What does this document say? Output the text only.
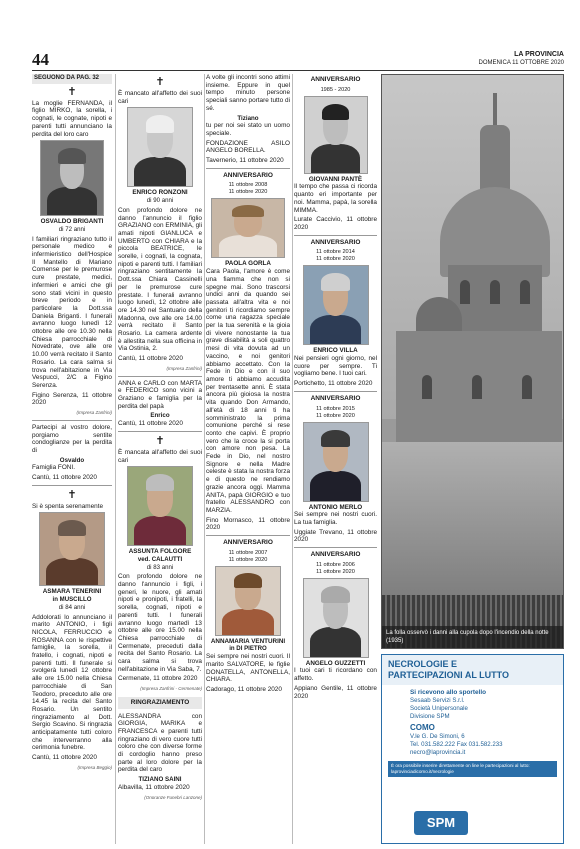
44	LA PROVINCIA
DOMENICA 11 OTTOBRE 2020
SEGUONO DA PAG. 32
✝
La moglie FERNANDA, il figlio MIRKO, la sorella, i cognati, le cognate, nipoti e parenti tutti annunciano la perdita del loro caro
OSVALDO BRIGANTI
di 72 anni
I familiari ringraziano tutto il personale medico e infermieristico dell'Hospice Il Mantello di Mariano Comense per le premurose cure prestate, medici, infermieri e amici che gli sono stati vicini in questo breve periodo e in particolare la Dott.ssa Daniela Briganti. I funerali avranno luogo lunedì 12 ottobre alle ore 10.30 nella Chiesa parrocchiale di Novedrate, ove alle ore 10.00 verrà recitato il Santo Rosario. La cara salma si trova nell'abitazione in Via Vespucci, 2/C a Figino Serenza.
Figino Serenza, 11 ottobre 2020
(Impresa Zanfrini)
Partecipi al vostro dolore, porgiamo sentite condoglianze per la perdita di
Osvaldo
Famiglia FONI.
Cantù, 11 ottobre 2020
✝
Si è spenta serenamente
ASMARA TENERINI
in MUSCILLO
di 84 anni
Addolorati lo annunciano il marito ANTONIO, i figli NICOLA, FERRUCCIO e ROSANNA con le rispettive famiglie, la sorella, il fratello, i cognati, nipoti e parenti tutti. Il funerale si svolgerà lunedì 12 ottobre alle ore 15.00 nella Chiesa parrocchiale di San Teodoro, preceduto alle ore 14.45 la recita del Santo Rosario. Un sentito ringraziamento al Dott. Sergio Scavino. Si ringrazia anticipatamente tutti coloro che interverranno alla cerimonia funebre.
Cantù, 11 ottobre 2020
(Impresa Beggio)
✝
È mancato all'affetto dei suoi cari
ENRICO RONZONI
di 90 anni
Con profondo dolore ne danno l'annuncio il figlio GRAZIANO con ERMINIA, gli amati nipoti GIANLUCA e UMBERTO con CHIARA e la piccola BEATRICE, le sorelle, i cognati, la cognata, nipoti e parenti tutti. I familiari ringraziano sentitamente la Dott.ssa Chiara Cassinelli per le premurose cure prestate. I funerali avranno luogo lunedì, 12 ottobre alle ore 14.30 nel Santuario della Madonna, ove alle ore 14.00 verrà recitato il Santo Rosario. La camera ardente è allestita nella sua officina in Via Ostinia, 2.
Cantù, 11 ottobre 2020
(Impresa Zanfrini)
ANNA e CARLO con MARTA e FEDERICO sono vicini a Graziano e famiglia per la perdita del papà
Enrico
Cantù, 11 ottobre 2020
✝
È mancata all'affetto dei suoi cari
ASSUNTA FOLGORE
ved. CALAUTTI
di 83 anni
Con profondo dolore ne danno l'annuncio i figli, i generi, le nuore, gli amati nipoti e pronipoti, i fratelli, la sorella, cognati, nipoti e parenti tutti. I funerali avranno luogo martedì 13 ottobre alle ore 15.00 nella Chiesa parrocchiale di Cermenate, preceduti dalla recita del Santo Rosario. La cara salma si trova nell'abitazione in Via Saba, 7.
Cermenate, 11 ottobre 2020
(Impresa Zanfrini - Cermenate)
RINGRAZIAMENTO
ALESSANDRA con GIORGIA, MARIKA e FRANCESCA e parenti tutti ringraziano di vero cuore tutti coloro che con diverse forme di cordoglio hanno preso parte al loro dolore per la perdita del caro
TIZIANO SAINI
Albavilla, 11 ottobre 2020
(Onoranze Funebri Lanzone)
A volte gli incontri sono attimi insieme. Eppure in quel tempo minuto persone speciali sanno portare tutto di sé.
Tiziano
tu per noi sei stato un uomo speciale.
FONDAZIONE ASILO ANGELO BORELLA.
Tavernerio, 11 ottobre 2020
ANNIVERSARIO
11 ottobre 2008
11 ottobre 2020
PAOLA GORLA
Cara Paola, l'amore è come una fiamma che non si spegne mai. Sono trascorsi undici anni da quando sei passata all'altra vita e noi genitori ti ricordiamo sempre come una ragazza speciale per la tua serenità e la gioia di vivere nonostante la tua grave disabilità a soli quattro mesi di vita dovuta ad un vaccino, e noi genitori abbiamo accettato. Con la Fede in Dio e con il suo amore ti abbiamo accudita per trentasette anni. È stata ancora più gioiosa la nostra vita quando Don Armando, all'età di 18 anni ti ha somministrato la prima comunione perché si rese conto che capivi. È proprio vero che la croce la si porta con amore non pesa. La Fede in Dio, nel nostro Signore e nella Madre celeste è stata la nostra forza e di questo ne rendiamo grazie ancora oggi. Mamma ANITA, papà GIORGIO e tuo fratello ALESSANDRO con MARZIA.
Fino Mornasco, 11 ottobre 2020
ANNIVERSARIO
11 ottobre 2007
11 ottobre 2020
ANNAMARIA VENTURINI
in DI PIETRO
Sei sempre nei nostri cuori. Il marito SALVATORE, le figlie DONATELLA, ANTONELLA, CHIARA.
Cadorago, 11 ottobre 2020
ANNIVERSARIO
1985 - 2020
GIOVANNI PANTÈ
Il tempo che passa ci ricorda quanto eri importante per noi. Mamma, papà, la sorella MIMMA.
Lurate Caccivio, 11 ottobre 2020
ANNIVERSARIO
11 ottobre 2014
11 ottobre 2020
ENRICO VILLA
Nei pensieri ogni giorno, nel cuore per sempre. Ti vogliamo bene. I tuoi cari.
Portichetto, 11 ottobre 2020
ANNIVERSARIO
11 ottobre 2015
11 ottobre 2020
ANTONIO MERLO
Sei sempre nei nostri cuori. La tua famiglia.
Uggiate Trevano, 11 ottobre 2020
ANNIVERSARIO
11 ottobre 2006
11 ottobre 2020
ANGELO GUZZETTI
I tuoi cari ti ricordano con affetto.
Appiano Gentile, 11 ottobre 2020
La folla osservò i danni alla cupola dopo l'incendio della notte (1935)
NECROLOGIE E
PARTECIPAZIONI AL LUTTO
Si ricevono allo sportello
Sesaab Servizi S.r.l.
Società Unipersonale
Divisione SPM
COMO
V.le G. De Simoni, 6
Tel. 031.582.222 Fax 031.582.233
necro@laprovincia.it
È ora possibile inserire direttamente on line le partecipazioni al lutto: laprovinciadicomo.it/necrologie
SPM
